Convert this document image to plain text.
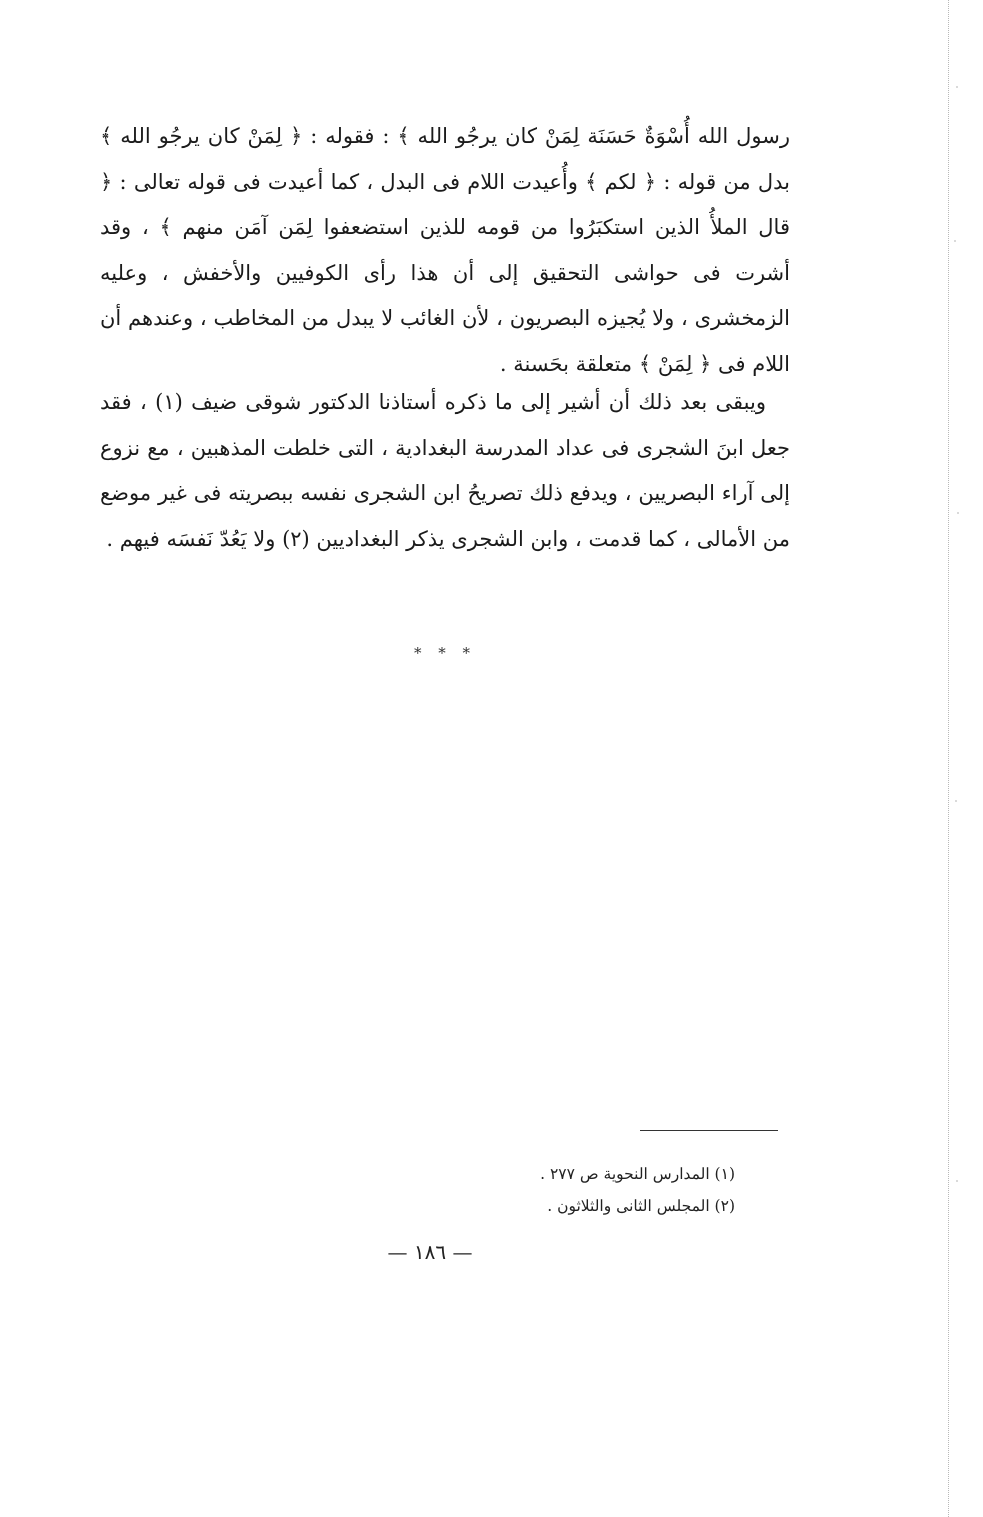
رسول الله أُسْوَةٌ حَسَنَة لِمَنْ كان يرجُو الله ﴾ : فقوله : ﴿ لِمَنْ كان يرجُو الله ﴾ بدل من قوله : ﴿ لكم ﴾ وأُعيدت اللام فى البدل ، كما أعيدت فى قوله تعالى : ﴿ قال الملأُ الذين استكبَرُوا من قومه للذين استضعفوا لِمَن آمَن منهم ﴾ ، وقد أشرت فى حواشى التحقيق إلى أن هذا رأى الكوفيين والأخفش ، وعليه الزمخشرى ، ولا يُجيزه البصريون ، لأن الغائب لا يبدل من المخاطب ، وعندهم أن اللام فى ﴿ لِمَنْ ﴾ متعلقة بحَسنة .

ويبقى بعد ذلك أن أشير إلى ما ذكره أستاذنا الدكتور شوقى ضيف (١) ، فقد جعل ابنَ الشجرى فى عداد المدرسة البغدادية ، التى خلطت المذهبين ، مع نزوع إلى آراء البصريين ، ويدفع ذلك تصريحُ ابن الشجرى نفسه ببصريته فى غير موضع من الأمالى ، كما قدمت ، وابن الشجرى يذكر البغداديين (٢) ولا يَعُدّ نَفسَه فيهم .

* * *
(١) المدارس النحوية ص ٢٧٧ .
(٢) المجلس الثانى والثلاثون .
— ١٨٦ —
